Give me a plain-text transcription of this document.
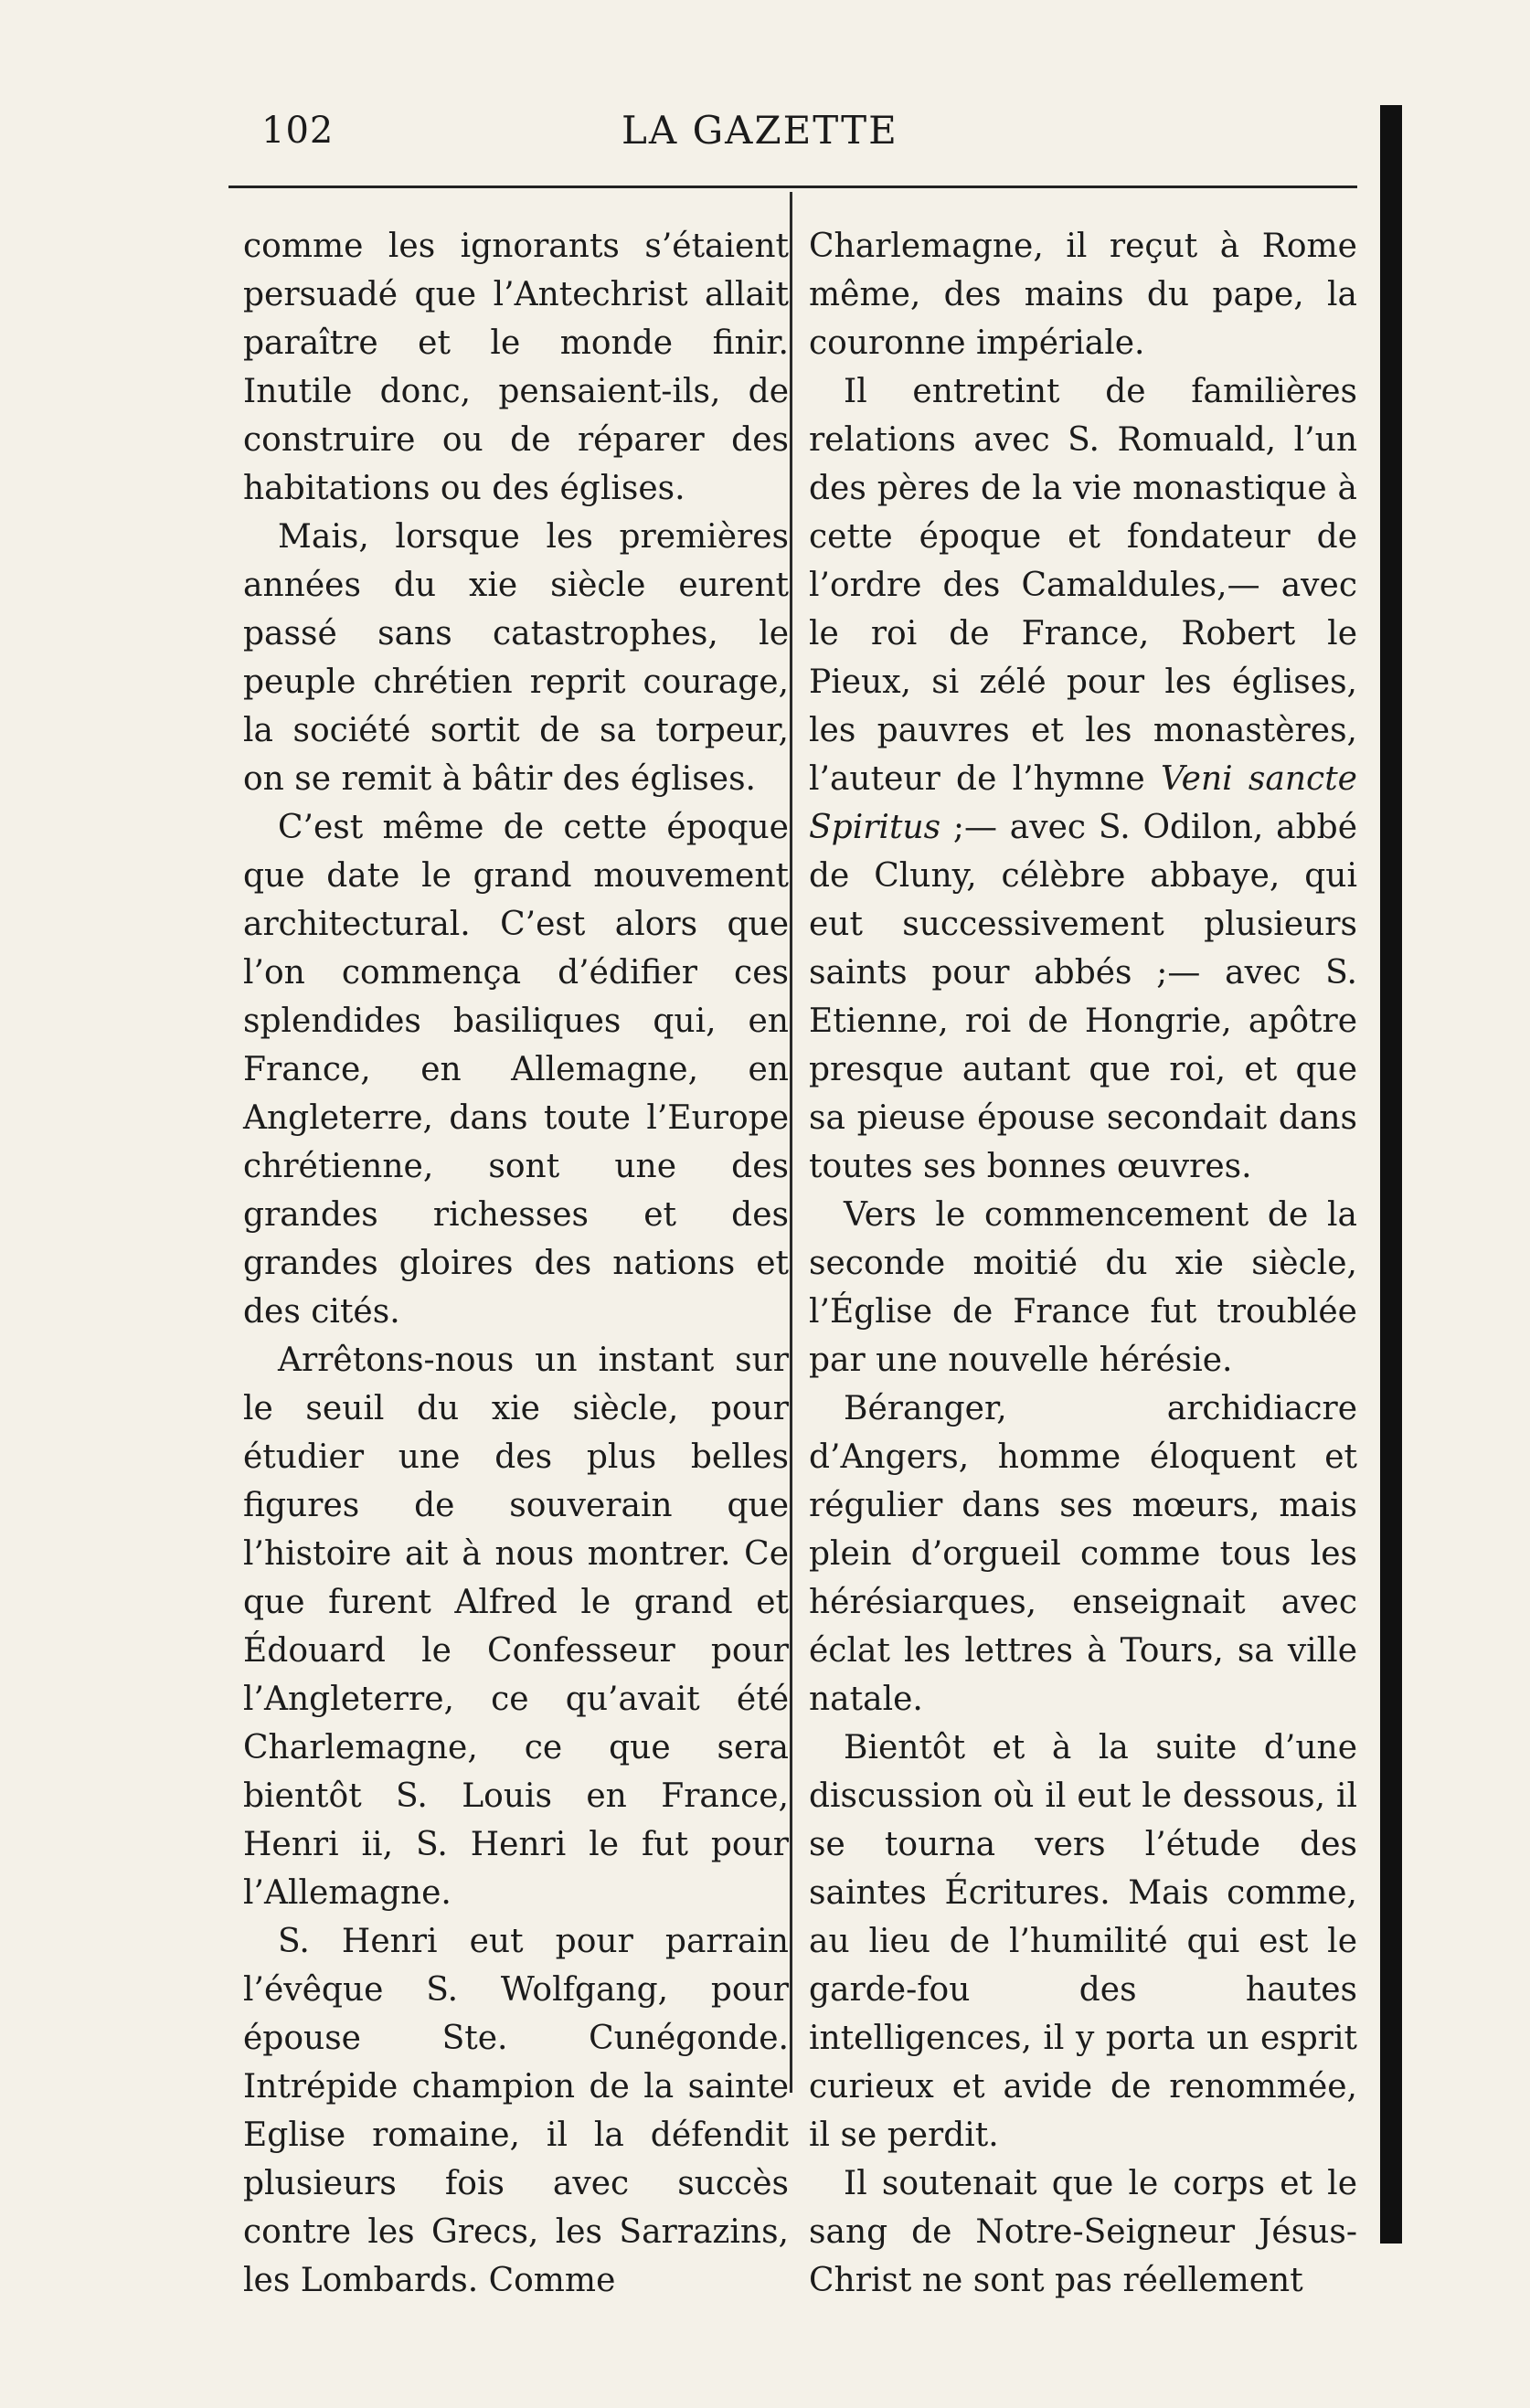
102	LA GAZETTE

comme les ignorants s’étaient persuadé que l’Antechrist allait paraître et le monde finir. Inutile donc, pensaient-ils, de construire ou de réparer des habitations ou des églises.

Mais, lorsque les premières années du xie siècle eurent passé sans catastrophes, le peuple chrétien reprit courage, la société sortit de sa torpeur, on se remit à bâtir des églises.

C’est même de cette époque que date le grand mouvement architectural. C’est alors que l’on commença d’édifier ces splendides basiliques qui, en France, en Allemagne, en Angleterre, dans toute l’Europe chrétienne, sont une des grandes richesses et des grandes gloires des nations et des cités.

Arrêtons-nous un instant sur le seuil du xie siècle, pour étudier une des plus belles figures de souverain que l’histoire ait à nous montrer. Ce que furent Alfred le grand et Édouard le Confesseur pour l’Angleterre, ce qu’avait été Charlemagne, ce que sera bientôt S. Louis en France, Henri ii, S. Henri le fut pour l’Allemagne.

S. Henri eut pour parrain l’évêque S. Wolfgang, pour épouse Ste. Cunégonde. Intrépide champion de la sainte Eglise romaine, il la défendit plusieurs fois avec succès contre les Grecs, les Sarrazins, les Lombards. Comme

Charlemagne, il reçut à Rome même, des mains du pape, la couronne impériale.

Il entretint de familières relations avec S. Romuald, l’un des pères de la vie monastique à cette époque et fondateur de l’ordre des Camaldules,— avec le roi de France, Robert le Pieux, si zélé pour les églises, les pauvres et les monastères, l’auteur de l’hymne Veni sancte Spiritus ;— avec S. Odilon, abbé de Cluny, célèbre abbaye, qui eut successivement plusieurs saints pour abbés ;— avec S. Etienne, roi de Hongrie, apôtre presque autant que roi, et que sa pieuse épouse secondait dans toutes ses bonnes œuvres.

Vers le commencement de la seconde moitié du xie siècle, l’Église de France fut troublée par une nouvelle hérésie.

Béranger, archidiacre d’Angers, homme éloquent et régulier dans ses mœurs, mais plein d’orgueil comme tous les hérésiarques, enseignait avec éclat les lettres à Tours, sa ville natale.

Bientôt et à la suite d’une discussion où il eut le dessous, il se tourna vers l’étude des saintes Écritures. Mais comme, au lieu de l’humilité qui est le garde-fou des hautes intelligences, il y porta un esprit curieux et avide de renommée, il se perdit.

Il soutenait que le corps et le sang de Notre-Seigneur Jésus-Christ ne sont pas réellement
